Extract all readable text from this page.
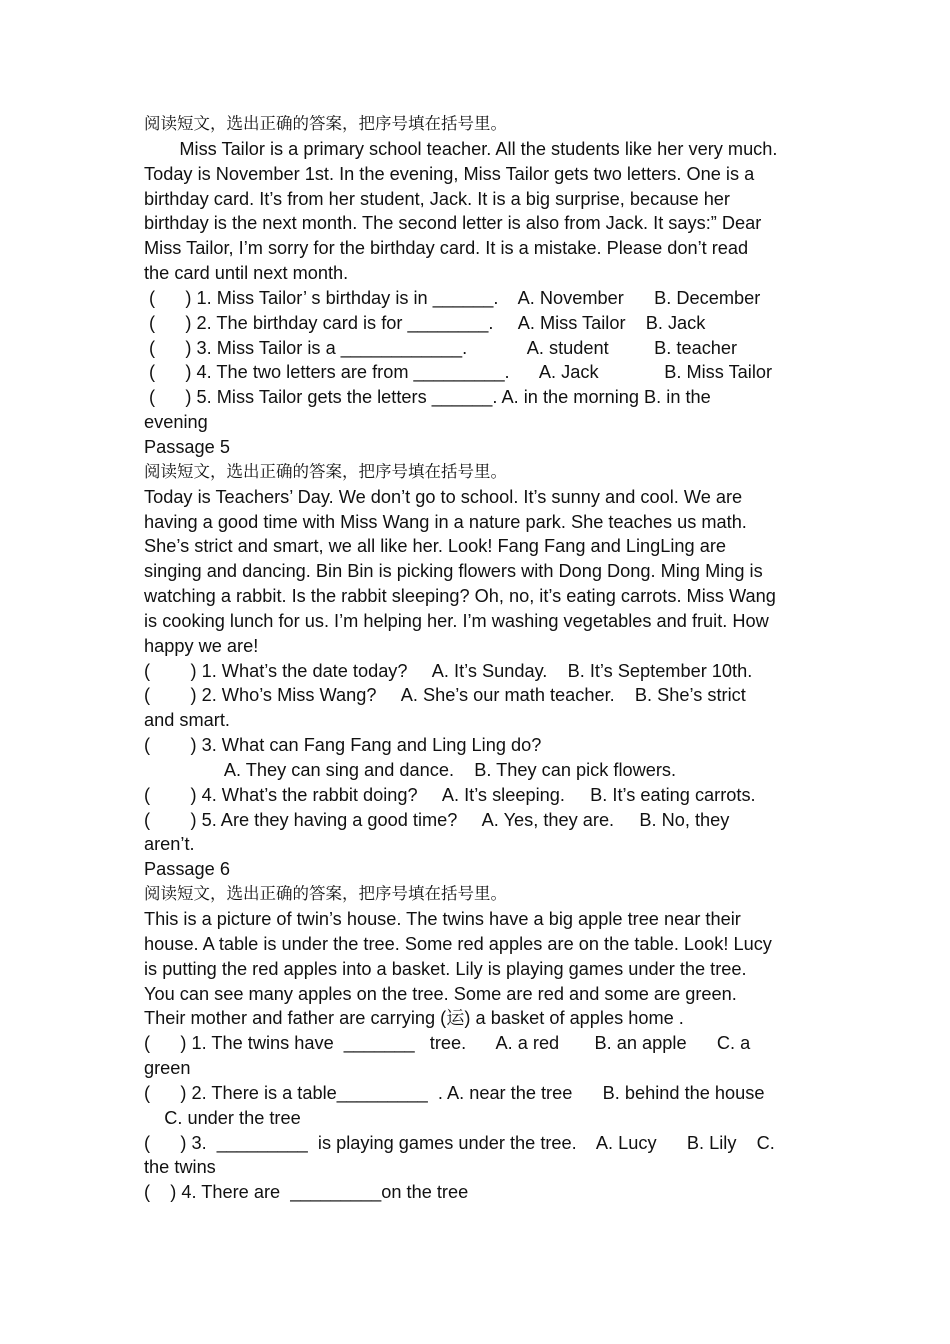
阅读短文，选出正确的答案，把序号填在括号里。
Miss Tailor is a primary school teacher. All the students like her very much.
Today is November 1st. In the evening, Miss Tailor gets two letters. One is a
birthday card. It’s from her student, Jack. It is a big surprise, because her
birthday is the next month. The second letter is also from Jack. It says:” Dear
Miss Tailor, I’m sorry for the birthday card. It is a mistake. Please don’t read
the card until next month.
(      ) 1. Miss Tailor’ s birthday is in ______.    A. November      B. December
(      ) 2. The birthday card is for ________.     A. Miss Tailor    B. Jack
(      ) 3. Miss Tailor is a ____________.            A. student         B. teacher
(      ) 4. The two letters are from _________.      A. Jack             B. Miss Tailor
(      ) 5. Miss Tailor gets the letters ______. A. in the morning B. in the
evening
Passage 5
阅读短文，选出正确的答案，把序号填在括号里。
Today is Teachers’ Day. We don’t go to school. It’s sunny and cool. We are
having a good time with Miss Wang in a nature park. She teaches us math.
She’s strict and smart, we all like her. Look! Fang Fang and LingLing are
singing and dancing. Bin Bin is picking flowers with Dong Dong. Ming Ming is
watching a rabbit. Is the rabbit sleeping? Oh, no, it’s eating carrots. Miss Wang
is cooking lunch for us. I’m helping her. I’m washing vegetables and fruit. How
happy we are!
(        ) 1. What’s the date today?     A. It’s Sunday.    B. It’s September 10th.
(        ) 2. Who’s Miss Wang?     A. She’s our math teacher.    B. She’s strict
and smart.
(        ) 3. What can Fang Fang and Ling Ling do?
A. They can sing and dance.    B. They can pick flowers.
(        ) 4. What’s the rabbit doing?     A. It’s sleeping.     B. It’s eating carrots.
(        ) 5. Are they having a good time?     A. Yes, they are.     B. No, they
aren’t.
Passage 6
阅读短文，选出正确的答案，把序号填在括号里。
This is a picture of twin’s house. The twins have a big apple tree near their
house. A table is under the tree. Some red apples are on the table. Look! Lucy
is putting the red apples into a basket. Lily is playing games under the tree.
You can see many apples on the tree. Some are red and some are green.
Their mother and father are carrying (运) a basket of apples home .
(      ) 1. The twins have  _______   tree.      A. a red       B. an apple      C. a
green
(      ) 2. There is a table_________  . A. near the tree      B. behind the house
C. under the tree
(      ) 3.  _________  is playing games under the tree.    A. Lucy      B. Lily    C.
the twins
(    ) 4. There are  _________on the tree
